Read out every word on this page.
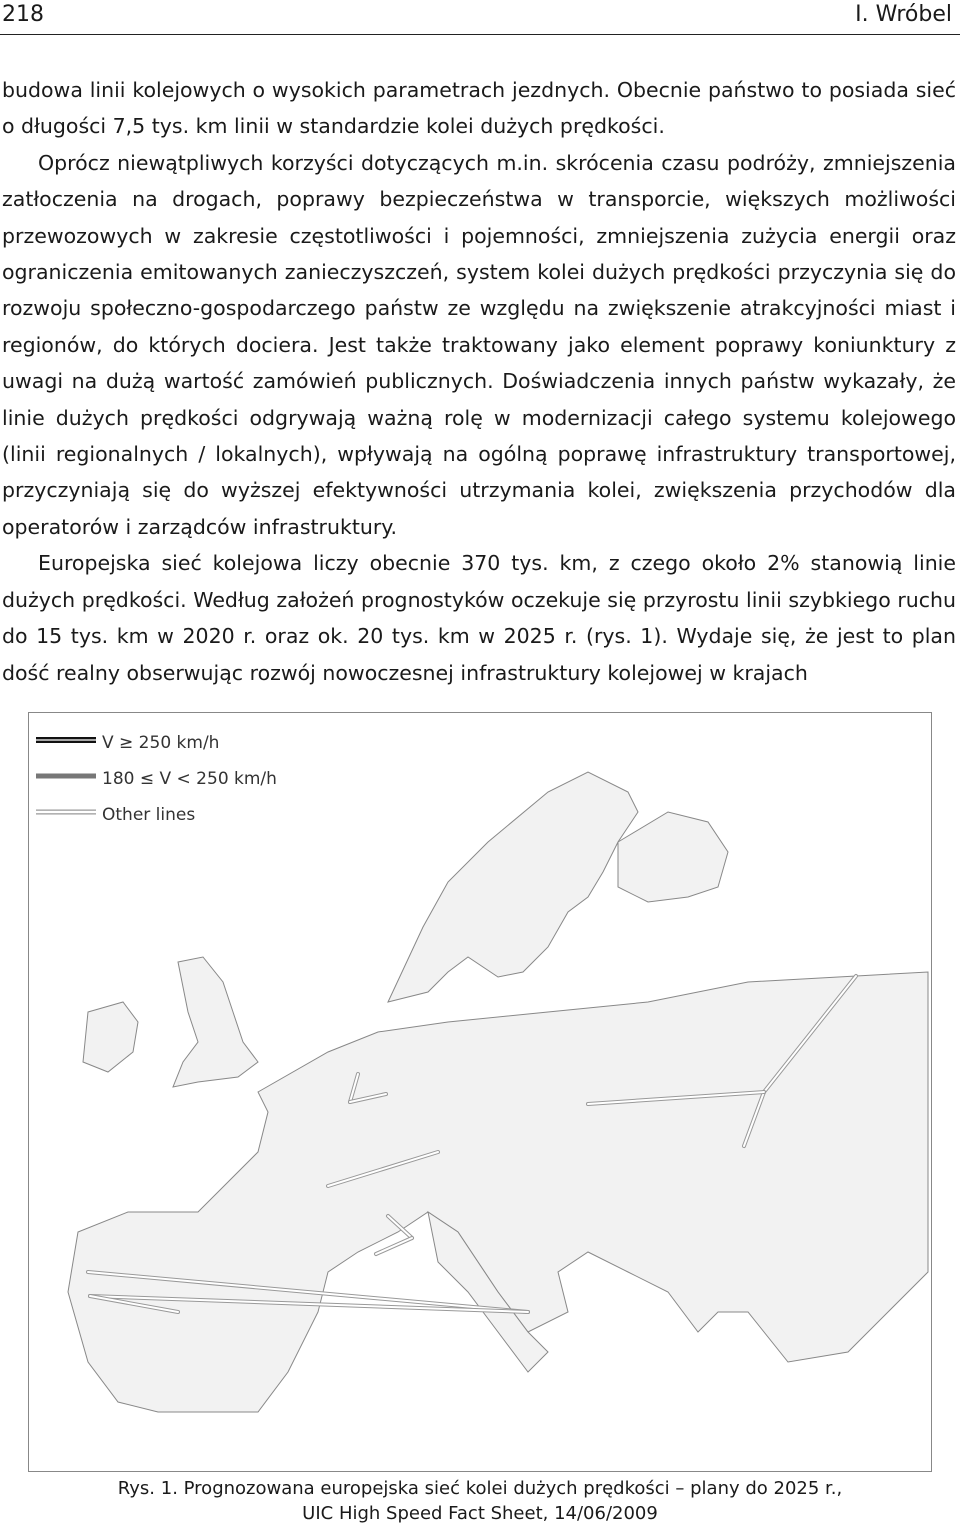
218	I. Wróbel

budowa linii kolejowych o wysokich parametrach jezdnych. Obecnie państwo to posiada sieć o długości 7,5 tys. km linii w standardzie kolei dużych prędkości.

Oprócz niewątpliwych korzyści dotyczących m.in. skrócenia czasu podróży, zmniejszenia zatłoczenia na drogach, poprawy bezpieczeństwa w transporcie, większych możliwości przewozowych w zakresie częstotliwości i pojemności, zmniejszenia zużycia energii oraz ograniczenia emitowanych zanieczyszczeń, system kolei dużych prędkości przyczynia się do rozwoju społeczno-gospodarczego państw ze względu na zwiększenie atrakcyjności miast i regionów, do których dociera. Jest także traktowany jako element poprawy koniunktury z uwagi na dużą wartość zamówień publicznych. Doświadczenia innych państw wykazały, że linie dużych prędkości odgrywają ważną rolę w modernizacji całego systemu kolejowego (linii regionalnych / lokalnych), wpływają na ogólną poprawę infrastruktury transportowej, przyczyniają się do wyższej efektywności utrzymania kolei, zwiększenia przychodów dla operatorów i zarządców infrastruktury.

Europejska sieć kolejowa liczy obecnie 370 tys. km, z czego około 2% stanowią linie dużych prędkości. Według założeń prognostyków oczekuje się przyrostu linii szybkiego ruchu do 15 tys. km w 2020 r. oraz ok. 20 tys. km w 2025 r. (rys. 1). Wydaje się, że jest to plan dość realny obserwując rozwój nowoczesnej infrastruktury kolejowej w krajach

V ≥ 250 km/h
180 ≤ V < 250 km/h
Other lines
Rys. 1. Prognozowana europejska sieć kolei dużych prędkości – plany do 2025 r.,
UIC High Speed Fact Sheet, 14/06/2009
